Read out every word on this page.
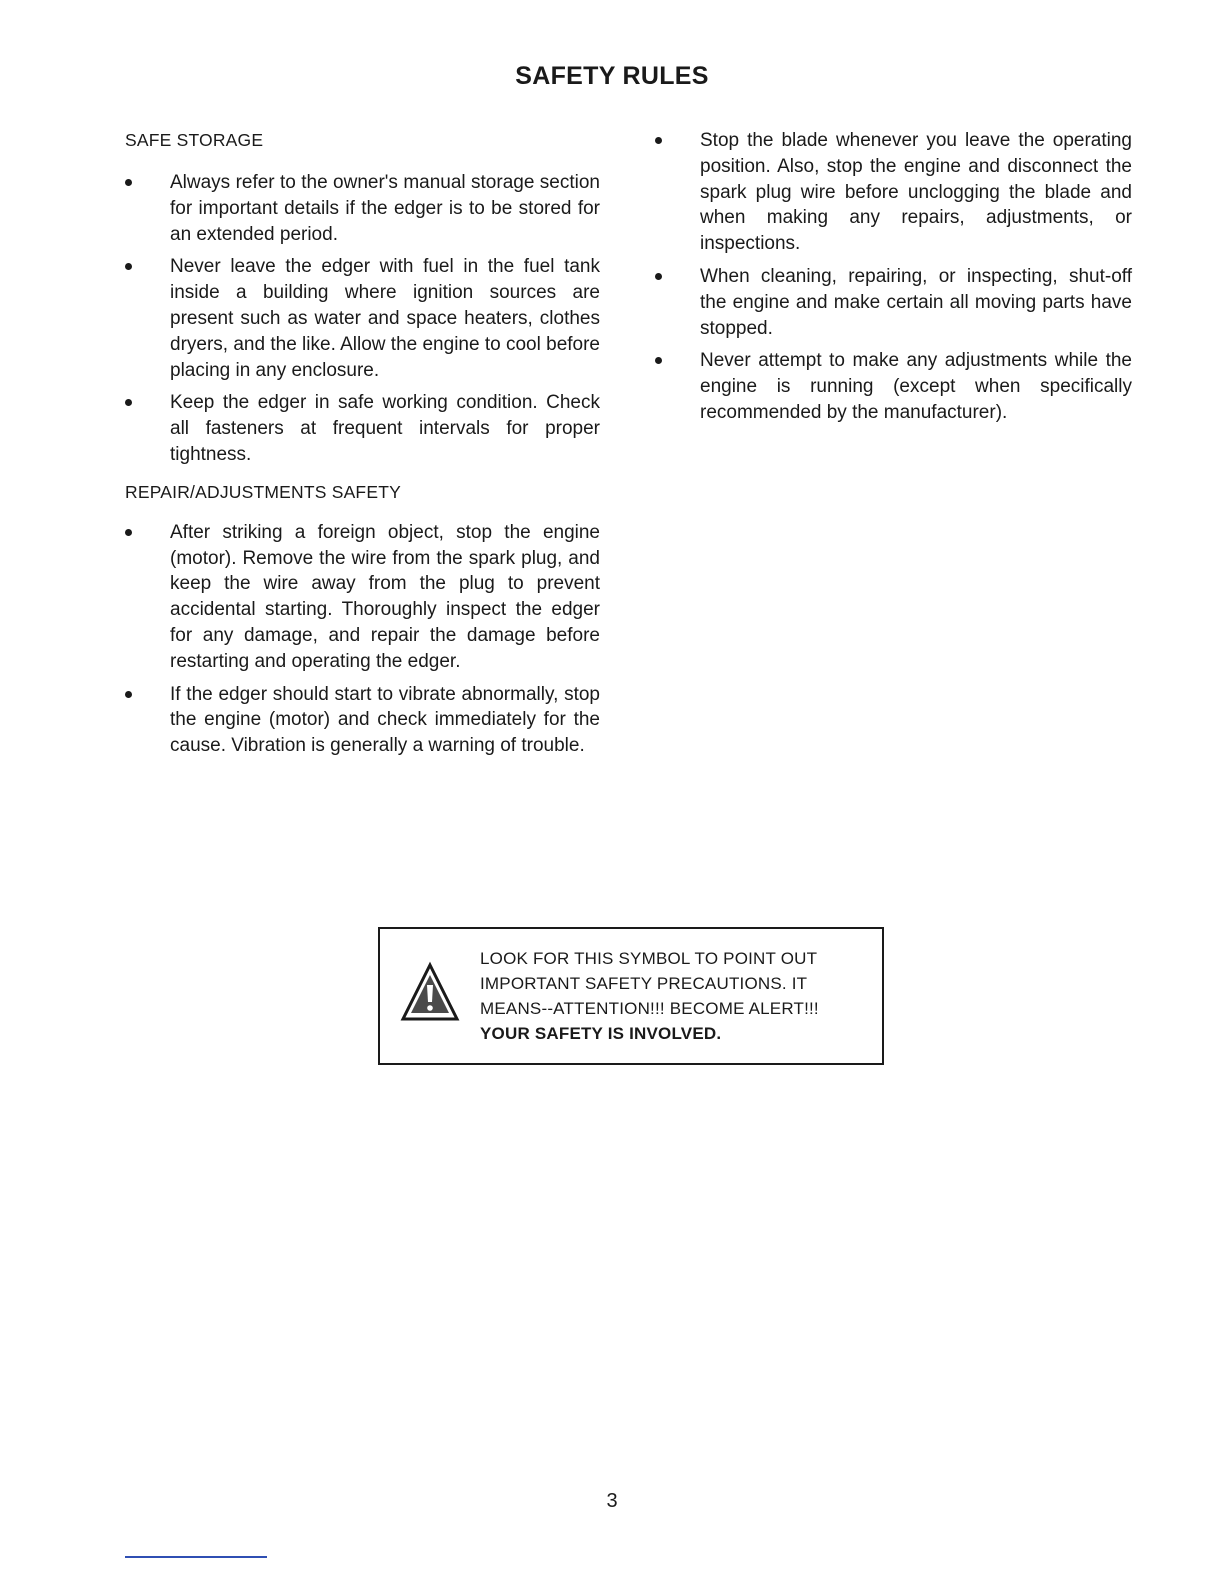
SAFETY RULES
SAFE STORAGE
Always refer to the owner's manual storage section for important details if the edger is to be stored for an extended period.
Never leave the edger with fuel in the fuel tank inside a building where ignition sources are present such as water and space heaters, clothes dryers, and the like. Allow the engine to cool before placing in any enclosure.
Keep the edger in safe working condition. Check all fasteners at frequent intervals for proper tightness.
REPAIR/ADJUSTMENTS SAFETY
After striking a foreign object, stop the engine (motor). Remove the wire from the spark plug, and keep the wire away from the plug to prevent accidental starting. Thoroughly inspect the edger for any damage, and repair the damage before restarting and operating the edger.
If the edger should start to vibrate abnormally, stop the engine (motor) and check immediately for the cause. Vibration is generally a warning of trouble.
Stop the blade whenever you leave the operating position. Also, stop the engine and disconnect the spark plug wire before unclogging the blade and when making any repairs, adjustments, or inspections.
When cleaning, repairing, or inspecting, shut-off the engine and make certain all moving parts have stopped.
Never attempt to make any adjustments while the engine is running (except when specifically recommended by the manufacturer).
LOOK FOR THIS SYMBOL TO POINT OUT
IMPORTANT SAFETY PRECAUTIONS. IT
MEANS--ATTENTION!!! BECOME ALERT!!!
YOUR SAFETY IS INVOLVED.
3
